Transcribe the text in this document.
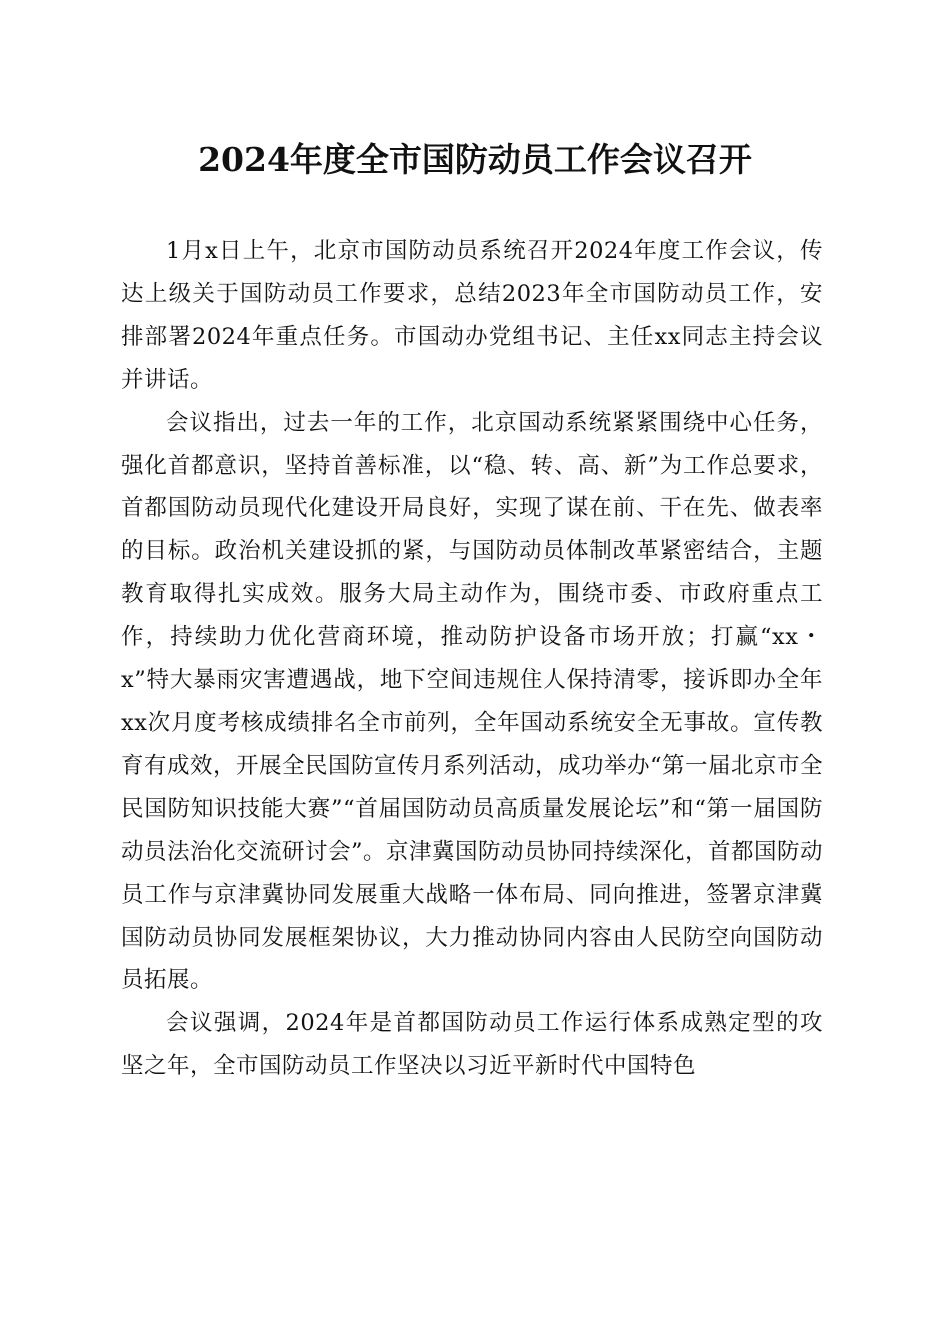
2024年度全市国防动员工作会议召开

1月x日上午，北京市国防动员系统召开2024年度工作会议，传达上级关于国防动员工作要求，总结2023年全市国防动员工作，安排部署2024年重点任务。市国动办党组书记、主任xx同志主持会议并讲话。

会议指出，过去一年的工作，北京国动系统紧紧围绕中心任务，强化首都意识，坚持首善标准，以“稳、转、高、新”为工作总要求，首都国防动员现代化建设开局良好，实现了谋在前、干在先、做表率的目标。政治机关建设抓的紧，与国防动员体制改革紧密结合，主题教育取得扎实成效。服务大局主动作为，围绕市委、市政府重点工作，持续助力优化营商环境，推动防护设备市场开放；打赢“xx・x”特大暴雨灾害遭遇战，地下空间违规住人保持清零，接诉即办全年xx次月度考核成绩排名全市前列，全年国动系统安全无事故。宣传教育有成效，开展全民国防宣传月系列活动，成功举办“第一届北京市全民国防知识技能大赛”“首届国防动员高质量发展论坛”和“第一届国防动员法治化交流研讨会”。京津冀国防动员协同持续深化，首都国防动员工作与京津冀协同发展重大战略一体布局、同向推进，签署京津冀国防动员协同发展框架协议，大力推动协同内容由人民防空向国防动员拓展。

会议强调，2024年是首都国防动员工作运行体系成熟定型的攻坚之年，全市国防动员工作坚决以习近平新时代中国特色
